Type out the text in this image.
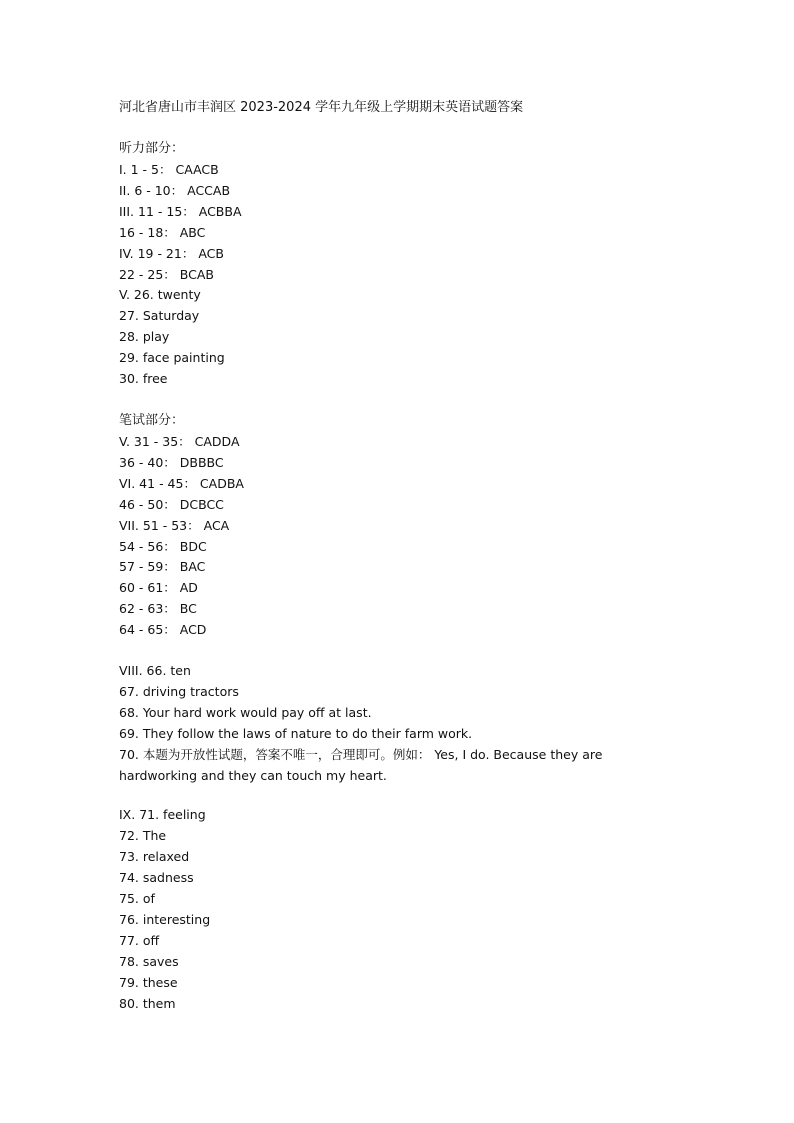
河北省唐山市丰润区 2023-2024 学年九年级上学期期末英语试题答案
听力部分：
I. 1 - 5： CAACB
II. 6 - 10： ACCAB
III. 11 - 15： ACBBA
16 - 18： ABC
IV. 19 - 21： ACB
22 - 25： BCAB
V. 26. twenty
27. Saturday
28. play
29. face painting
30. free
笔试部分：
V. 31 - 35： CADDA
36 - 40： DBBBC
VI. 41 - 45： CADBA
46 - 50： DCBCC
VII. 51 - 53： ACA
54 - 56： BDC
57 - 59： BAC
60 - 61： AD
62 - 63： BC
64 - 65： ACD
VIII. 66. ten
67. driving tractors
68. Your hard work would pay off at last.
69. They follow the laws of nature to do their farm work.
70. 本题为开放性试题，答案不唯一，合理即可。例如： Yes, I do. Because they are hardworking and they can touch my heart.
IX. 71. feeling
72. The
73. relaxed
74. sadness
75. of
76. interesting
77. off
78. saves
79. these
80. them
